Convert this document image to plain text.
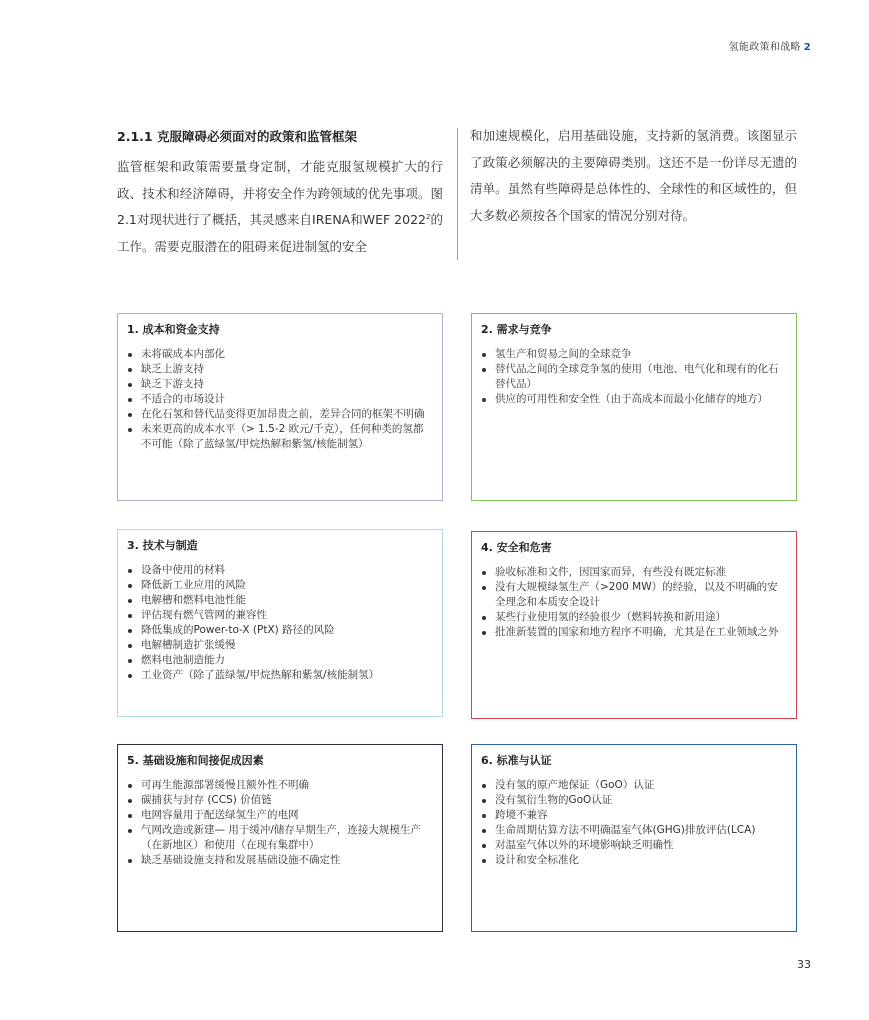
氢能政策和战略 2
2.1.1 克服障碍必须面对的政策和监管框架

监管框架和政策需要量身定制，才能克服氢规模扩大的行政、技术和经济障碍，并将安全作为跨领域的优先事项。图2.1对现状进行了概括，其灵感来自IRENA和WEF 2022$^2$的工作。需要克服潜在的阻碍来促进制氢的安全

和加速规模化，启用基础设施，支持新的氢消费。该图显示了政策必须解决的主要障碍类别。这还不是一份详尽无遗的清单。虽然有些障碍是总体性的、全球性的和区域性的，但大多数必须按各个国家的情况分别对待。

1. 成本和资金支持
未将碳成本内部化
缺乏上游支持
缺乏下游支持
不适合的市场设计
在化石氢和替代品变得更加昂贵之前，差异合同的框架不明确
未来更高的成本水平（> 1.5-2 欧元/千克），任何种类的氢都不可能（除了蓝绿氢/甲烷热解和紫氢/核能制氢）
2. 需求与竞争
氢生产和贸易之间的全球竞争
替代品之间的全球竞争氢的使用（电池、电气化和现有的化石替代品）
供应的可用性和安全性（由于高成本而最小化储存的地方）
3. 技术与制造
设备中使用的材料
降低新工业应用的风险
电解槽和燃料电池性能
评估现有燃气管网的兼容性
降低集成的Power-to-X (PtX) 路径的风险
电解槽制造扩张缓慢
燃料电池制造能力
工业资产（除了蓝绿氢/甲烷热解和紫氢/核能制氢）
4. 安全和危害
验收标准和文件，因国家而异，有些没有既定标准
没有大规模绿氢生产（>200 MW）的经验，以及不明确的安全理念和本质安全设计
某些行业使用氢的经验很少（燃料转换和新用途）
批准新装置的国家和地方程序不明确，尤其是在工业领域之外
5. 基础设施和间接促成因素
可再生能源部署缓慢且额外性不明确
碳捕获与封存 (CCS) 价值链
电网容量用于配送绿氢生产的电网
气网改造或新建— 用于缓冲/储存早期生产，连接大规模生产（在新地区）和使用（在现有集群中）
缺乏基础设施支持和发展基础设施不确定性
6. 标准与认证
没有氢的原产地保证（GoO）认证
没有氢衍生物的GoO认证
跨境不兼容
生命周期估算方法不明确温室气体(GHG)排放评估(LCA)
对温室气体以外的环境影响缺乏明确性
设计和安全标准化
33
